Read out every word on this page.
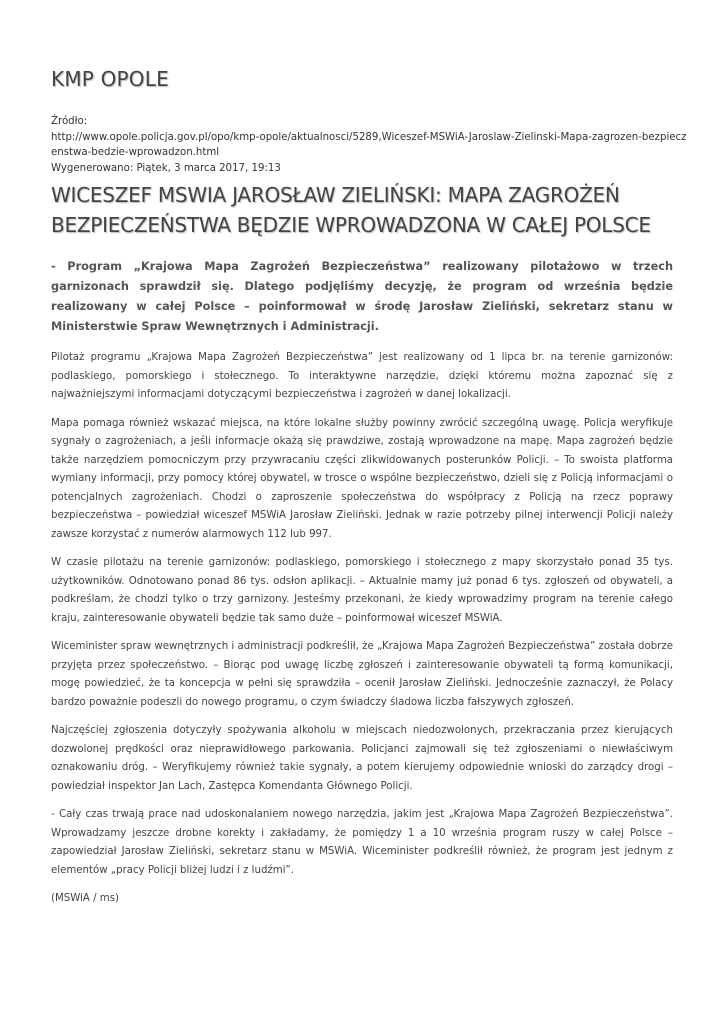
KMP OPOLE
Źródło:
http://www.opole.policja.gov.pl/opo/kmp-opole/aktualnosci/5289,Wiceszef-MSWiA-Jaroslaw-Zielinski-Mapa-zagrozen-bezpiecz
enstwa-bedzie-wprowadzon.html
Wygenerowano: Piątek, 3 marca 2017, 19:13
WICESZEF MSWIA JAROSŁAW ZIELIŃSKI: MAPA ZAGROŻEŃ
BEZPIECZEŃSTWA BĘDZIE WPROWADZONA W CAŁEJ POLSCE

- Program „Krajowa Mapa Zagrożeń Bezpieczeństwa” realizowany pilotażowo w trzech garnizonach sprawdził się. Dlatego podjęliśmy decyzję, że program od września będzie realizowany w całej Polsce – poinformował w środę Jarosław Zieliński, sekretarz stanu w Ministerstwie Spraw Wewnętrznych i Administracji.

Pilotaż programu „Krajowa Mapa Zagrożeń Bezpieczeństwa” jest realizowany od 1 lipca br. na terenie garnizonów: podlaskiego, pomorskiego i stołecznego. To interaktywne narzędzie, dzięki któremu można zapoznać się z najważniejszymi informacjami dotyczącymi bezpieczeństwa i zagrożeń w danej lokalizacji.

Mapa pomaga również wskazać miejsca, na które lokalne służby powinny zwrócić szczególną uwagę. Policja weryfikuje sygnały o zagrożeniach, a jeśli informacje okażą się prawdziwe, zostają wprowadzone na mapę. Mapa zagrożeń będzie także narzędziem pomocniczym przy przywracaniu części zlikwidowanych posterunków Policji. – To swoista platforma wymiany informacji, przy pomocy której obywatel, w trosce o wspólne bezpieczeństwo, dzieli się z Policją informacjami o potencjalnych zagrożeniach. Chodzi o zaproszenie społeczeństwa do współpracy z Policją na rzecz poprawy bezpieczeństwa – powiedział wiceszef MSWiA Jarosław Zieliński. Jednak w razie potrzeby pilnej interwencji Policji należy zawsze korzystać z numerów alarmowych 112 lub 997.

W czasie pilotażu na terenie garnizonów: podlaskiego, pomorskiego i stołecznego z mapy skorzystało ponad 35 tys. użytkowników. Odnotowano ponad 86 tys. odsłon aplikacji. – Aktualnie mamy już ponad 6 tys. zgłoszeń od obywateli, a podkreślam, że chodzi tylko o trzy garnizony. Jesteśmy przekonani, że kiedy wprowadzimy program na terenie całego kraju, zainteresowanie obywateli będzie tak samo duże – poinformował wiceszef MSWiA.

Wiceminister spraw wewnętrznych i administracji podkreślił, że „Krajowa Mapa Zagrożeń Bezpieczeństwa” została dobrze przyjęta przez społeczeństwo. – Biorąc pod uwagę liczbę zgłoszeń i zainteresowanie obywateli tą formą komunikacji, mogę powiedzieć, że ta koncepcja w pełni się sprawdziła – ocenił Jarosław Zieliński. Jednocześnie zaznaczył, że Polacy bardzo poważnie podeszli do nowego programu, o czym świadczy śladowa liczba fałszywych zgłoszeń.

Najczęściej zgłoszenia dotyczyły spożywania alkoholu w miejscach niedozwolonych, przekraczania przez kierujących dozwolonej prędkości oraz nieprawidłowego parkowania. Policjanci zajmowali się też zgłoszeniami o niewłaściwym oznakowaniu dróg. – Weryfikujemy również takie sygnały, a potem kierujemy odpowiednie wnioski do zarządcy drogi – powiedział inspektor Jan Lach, Zastępca Komendanta Głównego Policji.

- Cały czas trwają prace nad udoskonalaniem nowego narzędzia, jakim jest „Krajowa Mapa Zagrożeń Bezpieczeństwa”. Wprowadzamy jeszcze drobne korekty i zakładamy, że pomiędzy 1 a 10 września program ruszy w całej Polsce – zapowiedział Jarosław Zieliński, sekretarz stanu w MSWiA. Wiceminister podkreślił również, że program jest jednym z elementów „pracy Policji bliżej ludzi i z ludźmi”.

(MSWiA / ms)
